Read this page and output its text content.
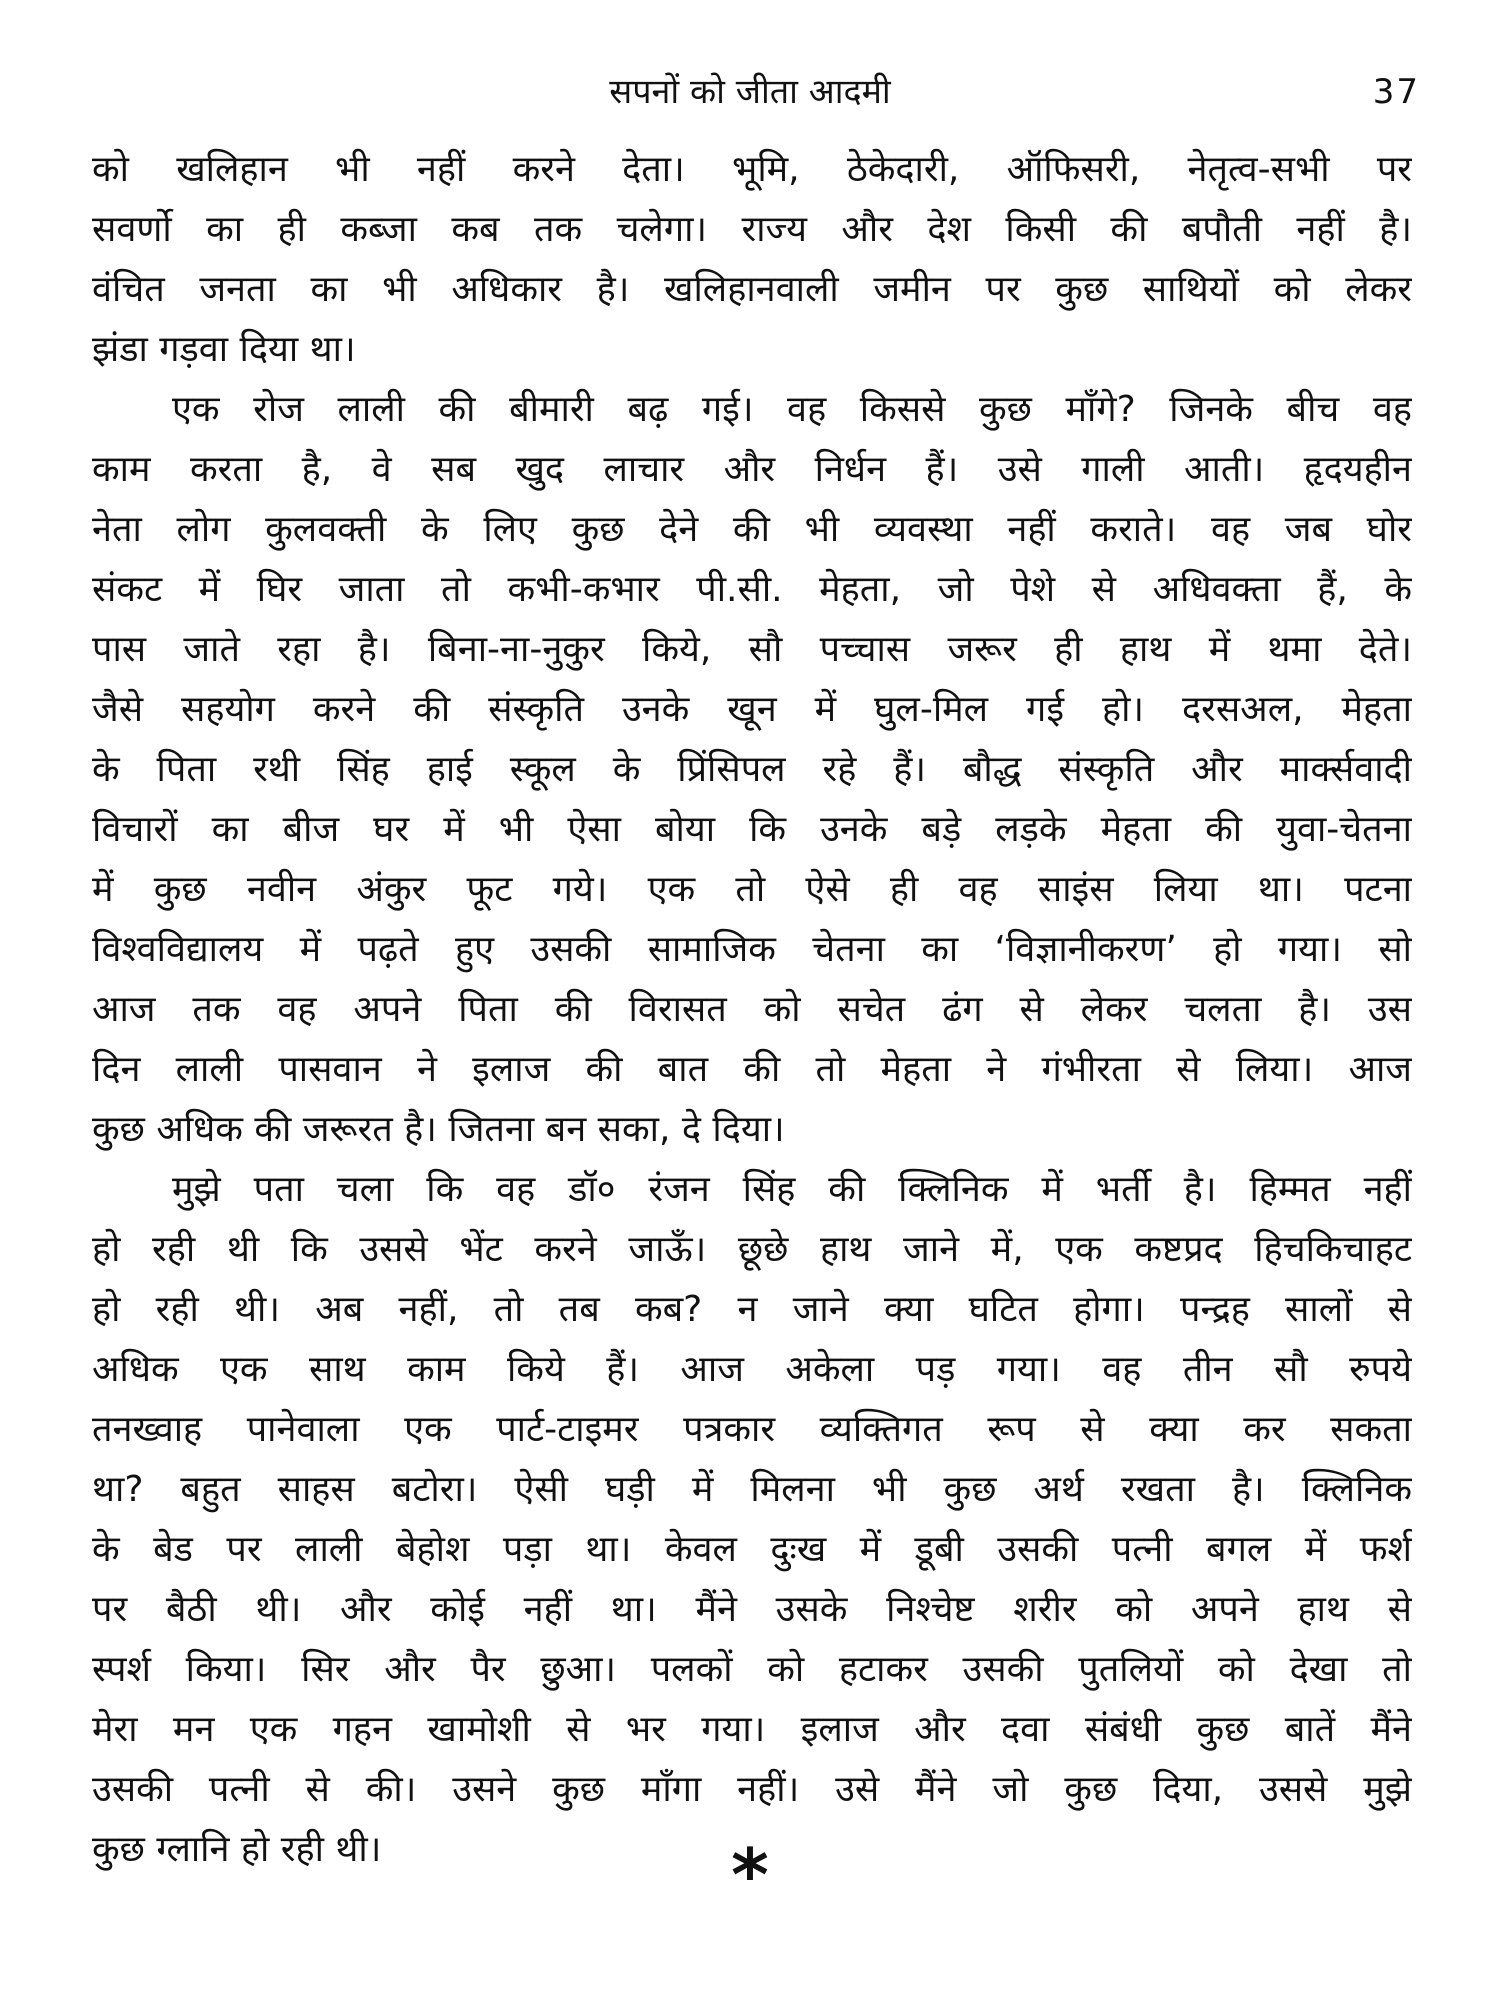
सपनों को जीता आदमी	37
को खलिहान भी नहीं करने देता। भूमि, ठेकेदारी, ऑफिसरी, नेतृत्व-सभी पर
सवर्णो का ही कब्जा कब तक चलेगा। राज्य और देश किसी की बपौती नहीं है।
वंचित जनता का भी अधिकार है। खलिहानवाली जमीन पर कुछ साथियों को लेकर
झंडा गड़वा दिया था।
एक रोज लाली की बीमारी बढ़ गई। वह किससे कुछ माँगे? जिनके बीच वह
काम करता है, वे सब खुद लाचार और निर्धन हैं। उसे गाली आती। हृदयहीन
नेता लोग कुलवक्ती के लिए कुछ देने की भी व्यवस्था नहीं कराते। वह जब घोर
संकट में घिर जाता तो कभी-कभार पी.सी. मेहता, जो पेशे से अधिवक्ता हैं, के
पास जाते रहा है। बिना-ना-नुकुर किये, सौ पच्चास जरूर ही हाथ में थमा देते।
जैसे सहयोग करने की संस्कृति उनके खून में घुल-मिल गई हो। दरसअल, मेहता
के पिता रथी सिंह हाई स्कूल के प्रिंसिपल रहे हैं। बौद्ध संस्कृति और मार्क्सवादी
विचारों का बीज घर में भी ऐसा बोया कि उनके बड़े लड़के मेहता की युवा-चेतना
में कुछ नवीन अंकुर फूट गये। एक तो ऐसे ही वह साइंस लिया था। पटना
विश्वविद्यालय में पढ़ते हुए उसकी सामाजिक चेतना का ‘विज्ञानीकरण’ हो गया। सो
आज तक वह अपने पिता की विरासत को सचेत ढंग से लेकर चलता है। उस
दिन लाली पासवान ने इलाज की बात की तो मेहता ने गंभीरता से लिया। आज
कुछ अधिक की जरूरत है। जितना बन सका, दे दिया।
मुझे पता चला कि वह डॉ० रंजन सिंह की क्लिनिक में भर्ती है। हिम्मत नहीं
हो रही थी कि उससे भेंट करने जाऊँ। छूछे हाथ जाने में, एक कष्टप्रद हिचकिचाहट
हो रही थी। अब नहीं, तो तब कब? न जाने क्या घटित होगा। पन्द्रह सालों से
अधिक एक साथ काम किये हैं। आज अकेला पड़ गया। वह तीन सौ रुपये
तनख्वाह पानेवाला एक पार्ट-टाइमर पत्रकार व्यक्तिगत रूप से क्या कर सकता
था? बहुत साहस बटोरा। ऐसी घड़ी में मिलना भी कुछ अर्थ रखता है। क्लिनिक
के बेड पर लाली बेहोश पड़ा था। केवल दुःख में डूबी उसकी पत्नी बगल में फर्श
पर बैठी थी। और कोई नहीं था। मैंने उसके निश्चेष्ट शरीर को अपने हाथ से
स्पर्श किया। सिर और पैर छुआ। पलकों को हटाकर उसकी पुतलियों को देखा तो
मेरा मन एक गहन खामोशी से भर गया। इलाज और दवा संबंधी कुछ बातें मैंने
उसकी पत्नी से की। उसने कुछ माँगा नहीं। उसे मैंने जो कुछ दिया, उससे मुझे
कुछ ग्लानि हो रही थी।	*
